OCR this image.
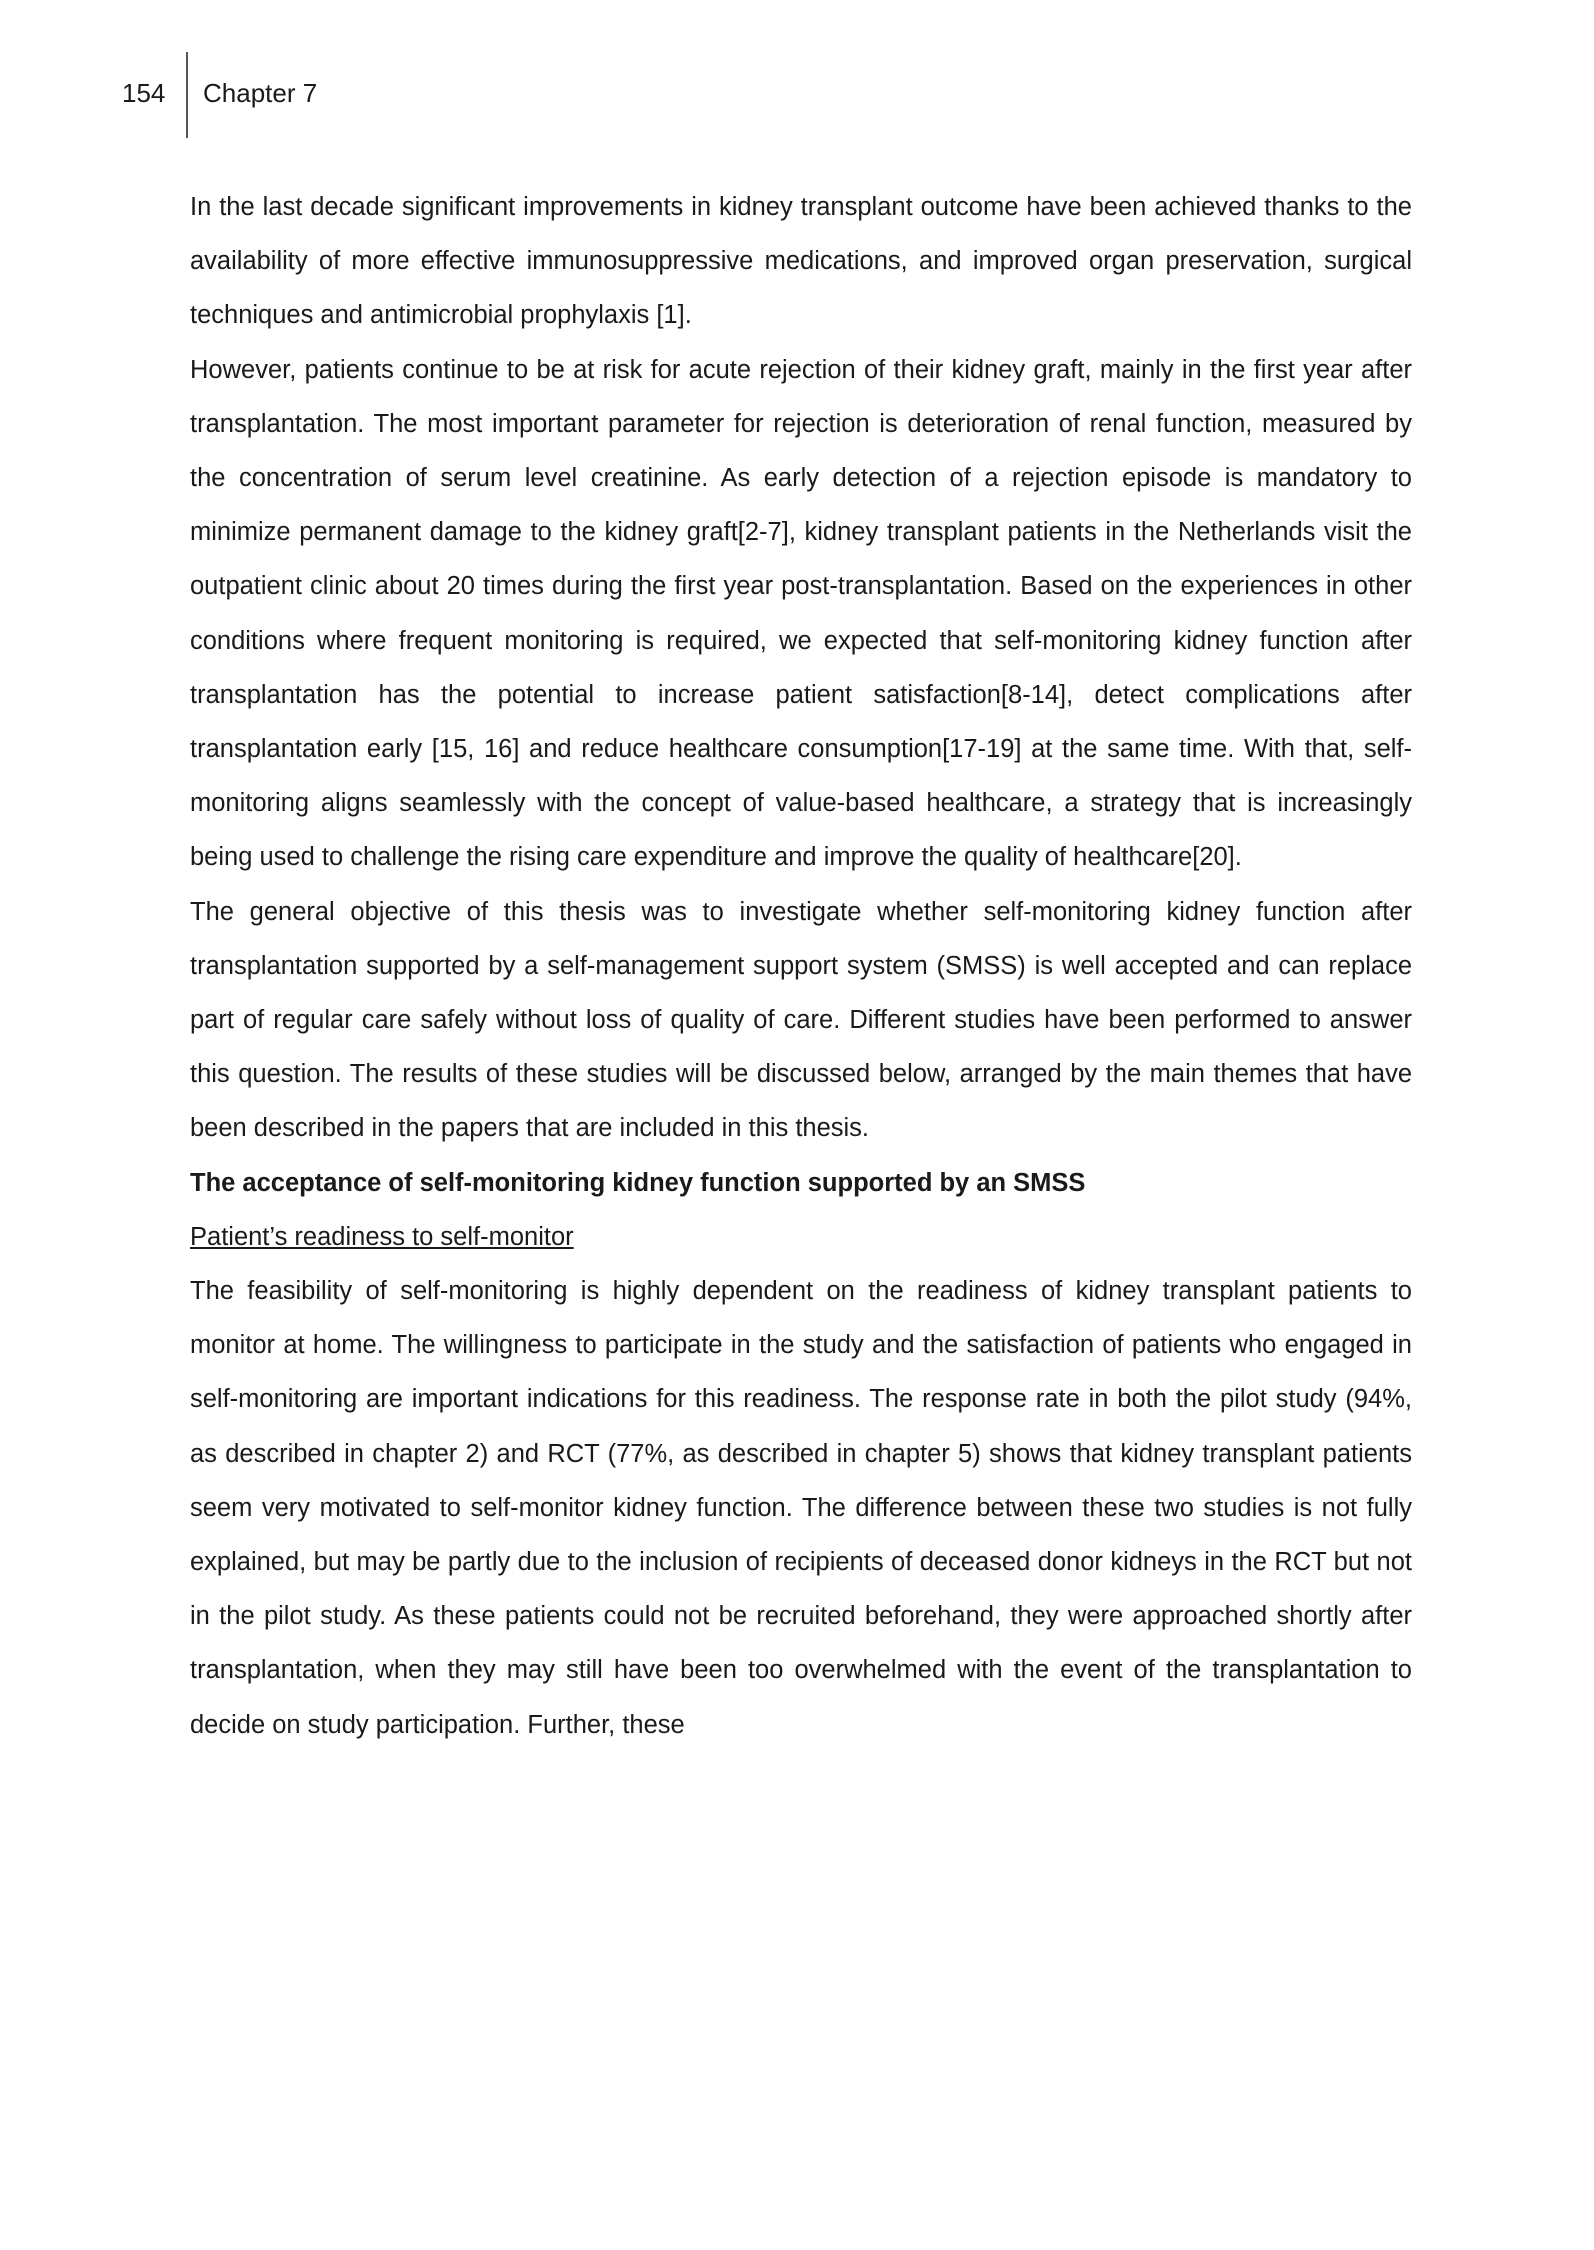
154 Chapter 7

In the last decade significant improvements in kidney transplant outcome have been achieved thanks to the availability of more effective immunosuppressive medications, and improved organ preservation, surgical techniques and antimicrobial prophylaxis [1].

However, patients continue to be at risk for acute rejection of their kidney graft, mainly in the first year after transplantation. The most important parameter for rejection is deterioration of renal function, measured by the concentration of serum level creatinine. As early detection of a rejection episode is mandatory to minimize permanent damage to the kidney graft[2-7], kidney transplant patients in the Netherlands visit the outpatient clinic about 20 times during the first year post-transplantation. Based on the experiences in other conditions where frequent monitoring is required, we expected that self-monitoring kidney function after transplantation has the potential to increase patient satisfaction[8-14], detect complications after transplantation early [15, 16] and reduce healthcare consumption[17-19] at the same time. With that, self-monitoring aligns seamlessly with the concept of value-based healthcare, a strategy that is increasingly being used to challenge the rising care expenditure and improve the quality of healthcare[20].

The general objective of this thesis was to investigate whether self-monitoring kidney function after transplantation supported by a self-management support system (SMSS) is well accepted and can replace part of regular care safely without loss of quality of care. Different studies have been performed to answer this question. The results of these studies will be discussed below, arranged by the main themes that have been described in the papers that are included in this thesis.

The acceptance of self-monitoring kidney function supported by an SMSS

Patient’s readiness to self-monitor

The feasibility of self-monitoring is highly dependent on the readiness of kidney transplant patients to monitor at home. The willingness to participate in the study and the satisfaction of patients who engaged in self-monitoring are important indications for this readiness. The response rate in both the pilot study (94%, as described in chapter 2) and RCT (77%, as described in chapter 5) shows that kidney transplant patients seem very motivated to self-monitor kidney function. The difference between these two studies is not fully explained, but may be partly due to the inclusion of recipients of deceased donor kidneys in the RCT but not in the pilot study. As these patients could not be recruited beforehand, they were approached shortly after transplantation, when they may still have been too overwhelmed with the event of the transplantation to decide on study participation. Further, these
